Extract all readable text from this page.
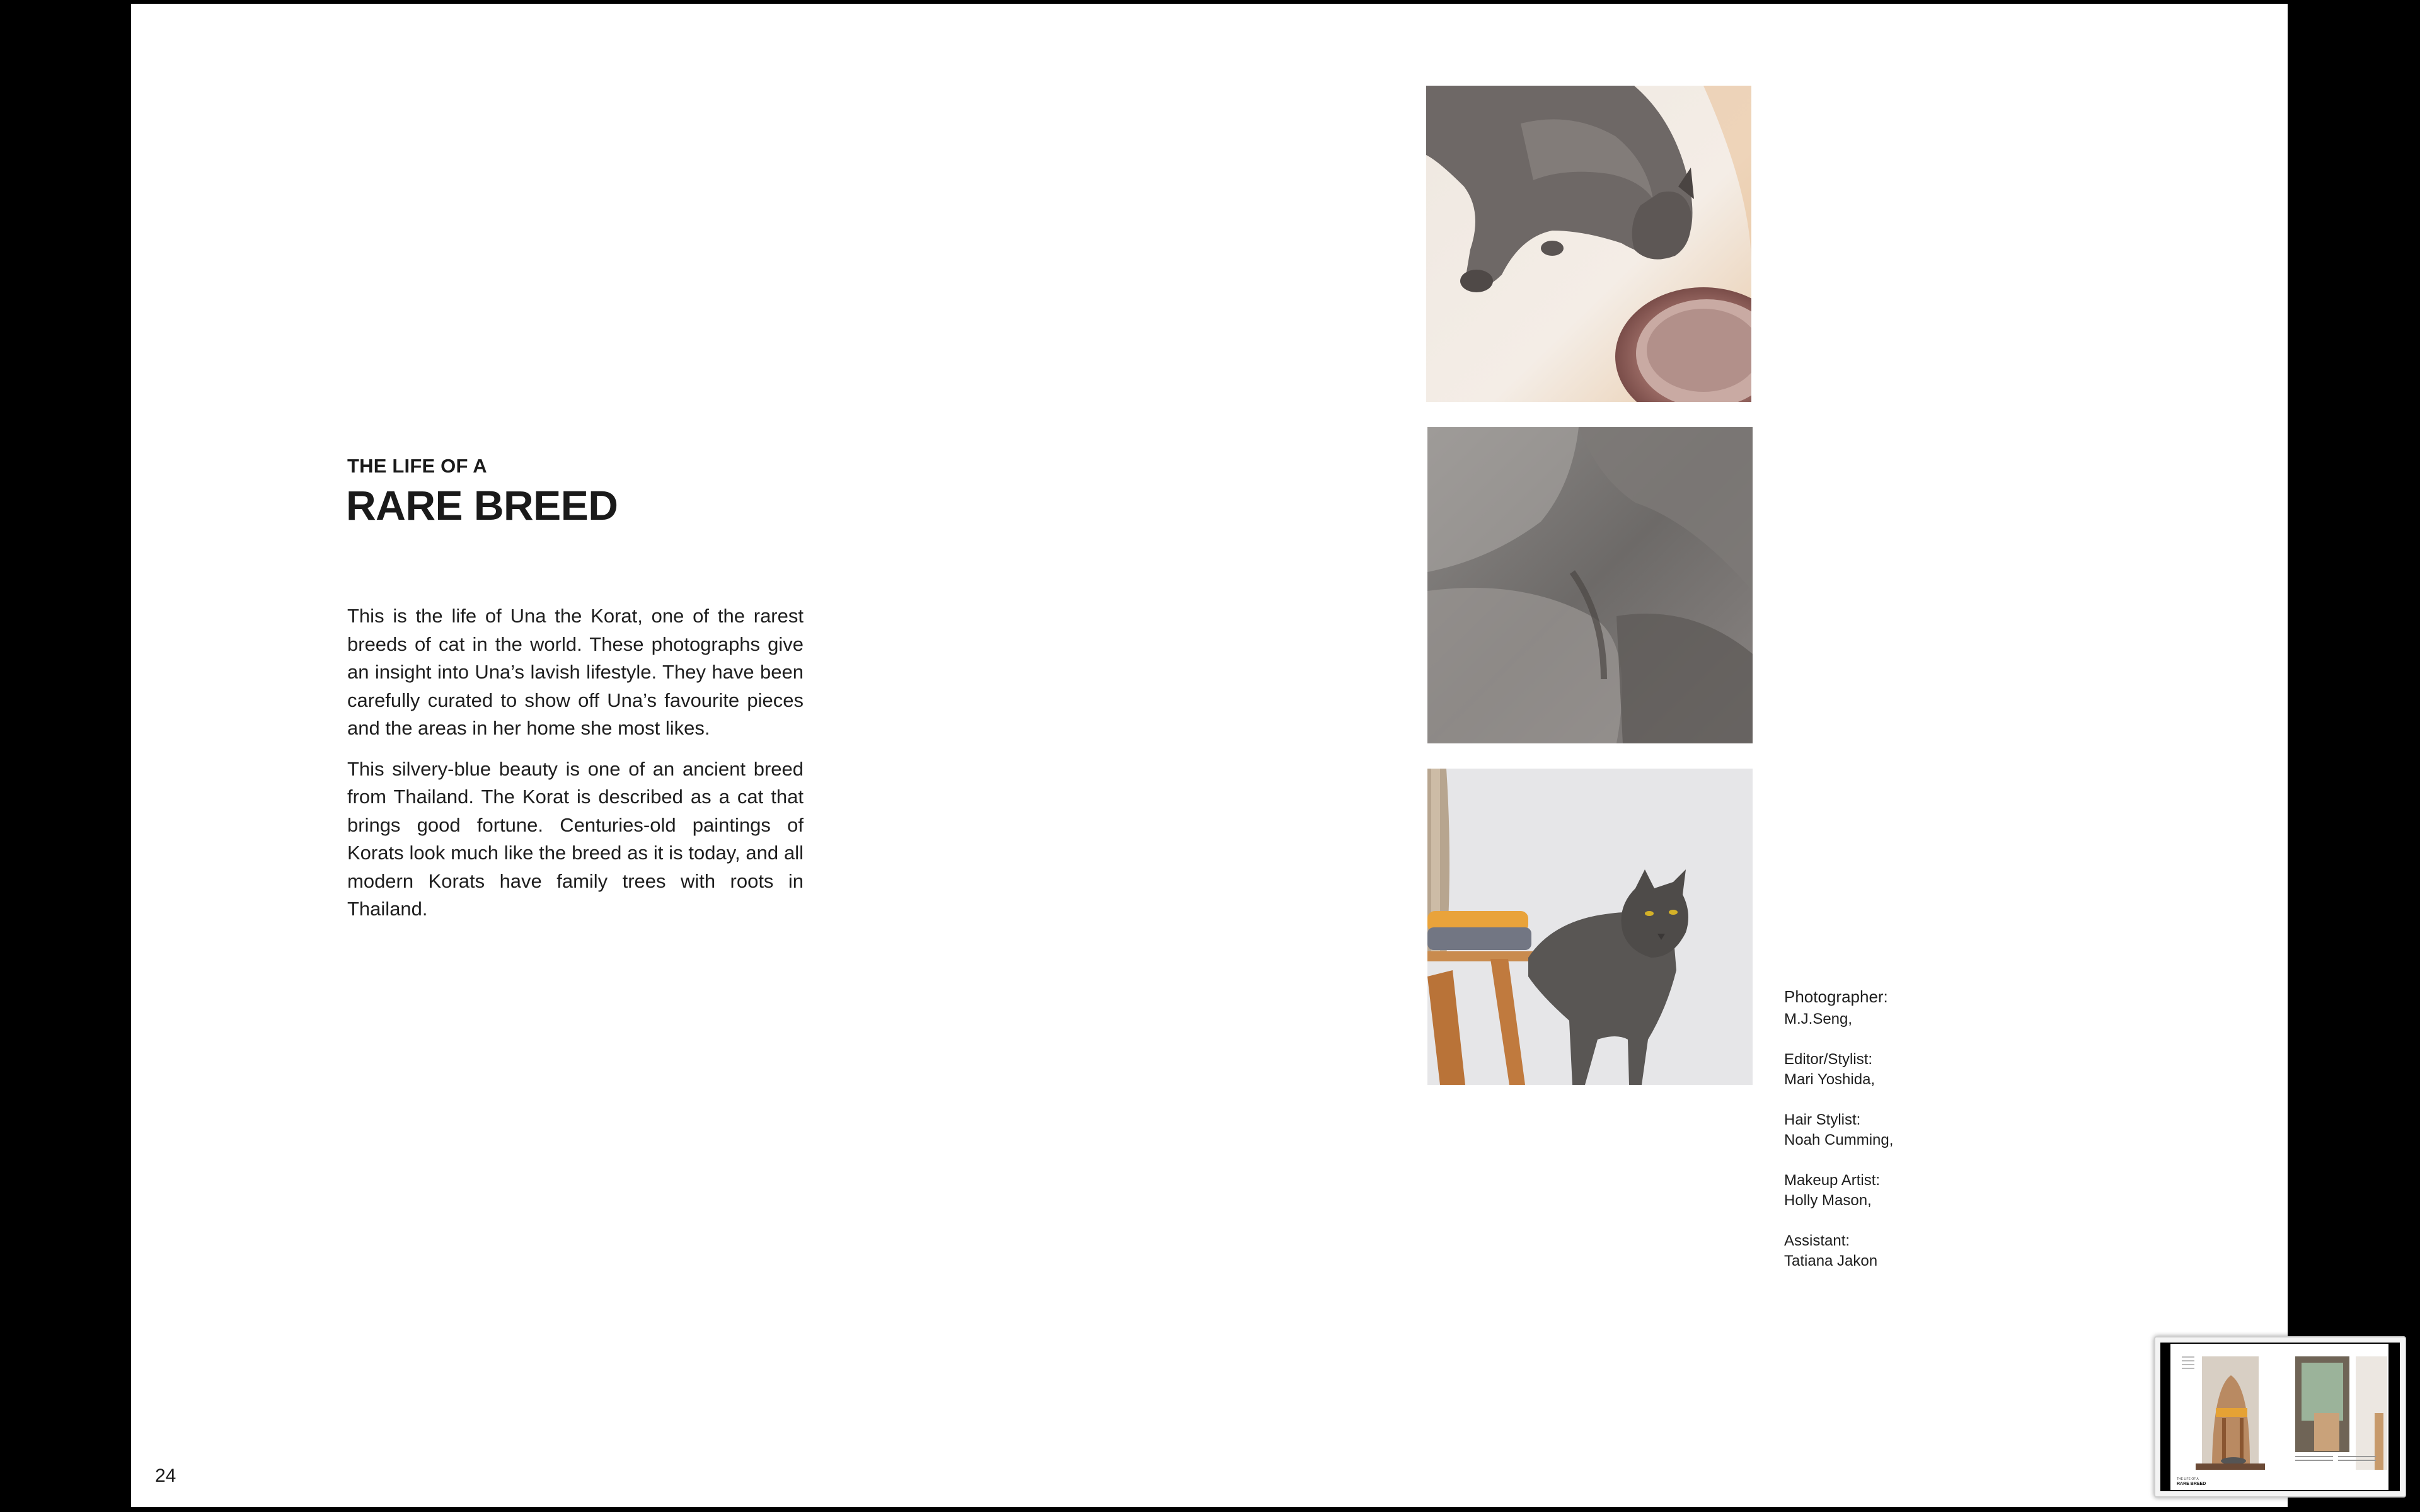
THE LIFE OF A
RARE BREED

This is the life of Una the Korat, one of the rarest breeds of cat in the world. These photographs give an insight into Una’s lavish lifestyle. They have been carefully curated to show off Una’s favourite pieces and the areas in her home she most likes.

This silvery-blue beauty is one of an ancient breed from Thailand. The Korat is described as a cat that brings good fortune. Centuries-old paintings of Korats look much like the breed as it is today, and all modern Korats have family trees with roots in Thailand.

Photographer:
M.J.Seng,
Editor/Stylist:
Mari Yoshida,
Hair Stylist:
Noah Cumming,
Makeup Artist:
Holly Mason,
Assistant:
Tatiana Jakon
24	THE LIFE OF A
RARE BREED
